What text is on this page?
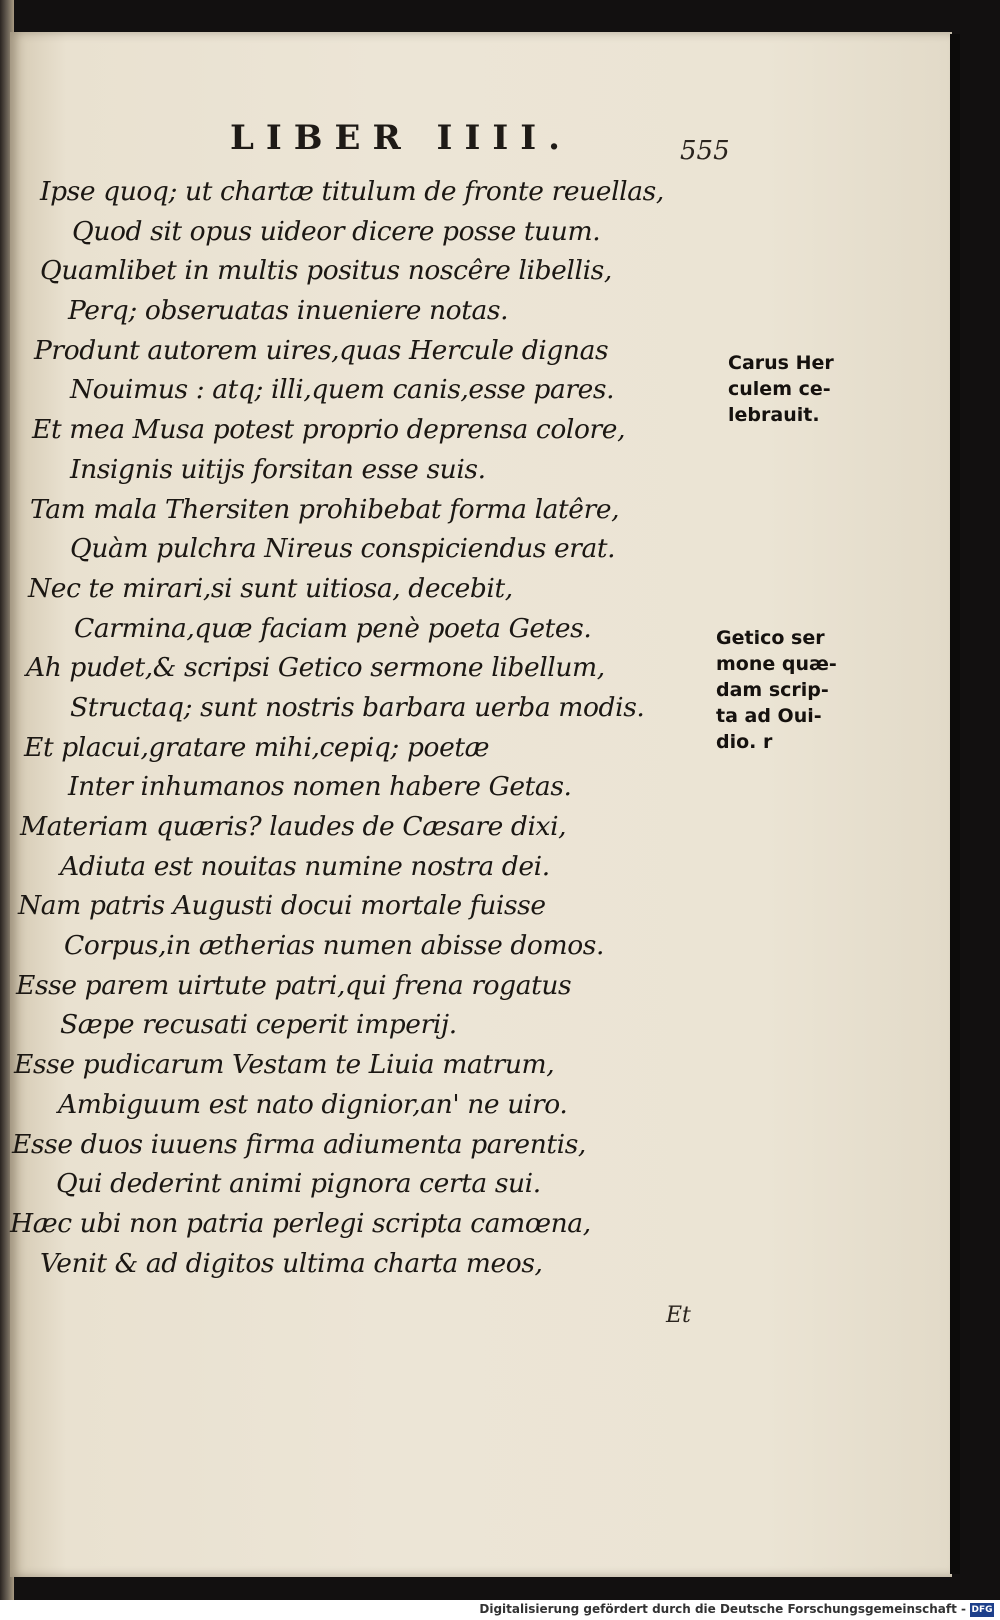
LIBER IIII.	555
Ipse quoq; ut chartæ titulum de fronte reuellas,
Quod sit opus uideor dicere posse tuum.
Quamlibet in multis positus noscêre libellis,
Perq; obseruatas inueniere notas.
Produnt autorem uires,quas Hercule dignas
Nouimus : atq; illi,quem canis,esse pares.
Et mea Musa potest proprio deprensa colore,
Insignis uitijs forsitan esse suis.
Tam mala Thersiten prohibebat forma latêre,
Quàm pulchra Nireus conspiciendus erat.
Nec te mirari,si sunt uitiosa, decebit,
Carmina,quæ faciam penè poeta Getes.
Ah pudet,& scripsi Getico sermone libellum,
Structaq; sunt nostris barbara uerba modis.
Et placui,gratare mihi,cepiq; poetæ
Inter inhumanos nomen habere Getas.
Materiam quæris? laudes de Cæsare dixi,
Adiuta est nouitas numine nostra dei.
Nam patris Augusti docui mortale fuisse
Corpus,in ætherias numen abisse domos.
Esse parem uirtute patri,qui frena rogatus
Sæpe recusati ceperit imperij.
Esse pudicarum Vestam te Liuia matrum,
Ambiguum est nato dignior,an' ne uiro.
Esse duos iuuens firma adiumenta parentis,
Qui dederint animi pignora certa sui.
Hæc ubi non patria perlegi scripta camœna,
Venit & ad digitos ultima charta meos,

Carus Her

culem ce-

lebrauit.

Getico ser

mone quæ-

dam scrip-

ta ad Oui-

dio. r

Et
Digitalisierung gefördert durch die Deutsche Forschungsgemeinschaft - DFG
